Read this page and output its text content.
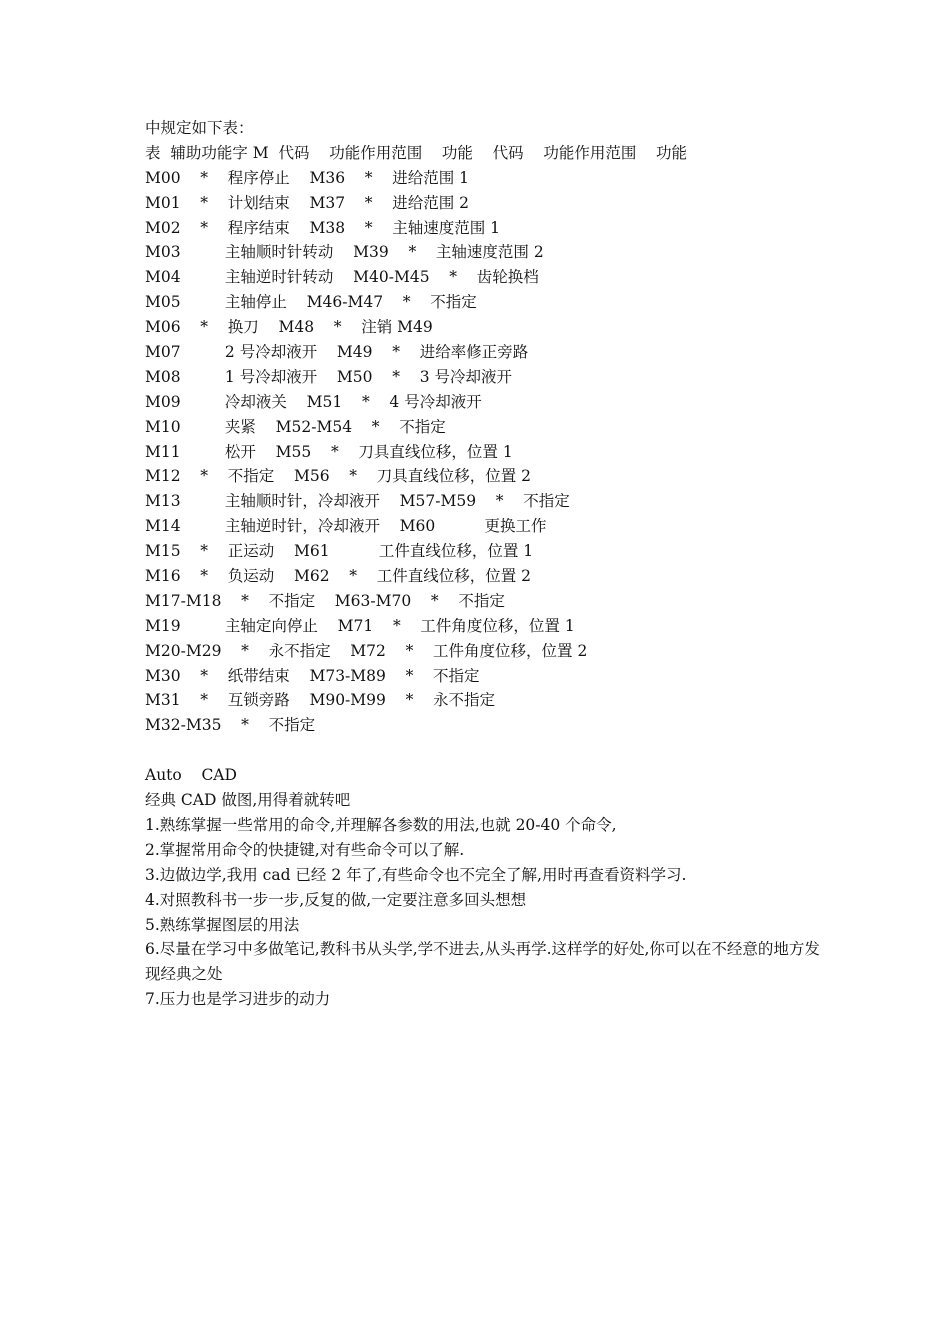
中规定如下表：
表  辅助功能字 M  代码    功能作用范围    功能    代码    功能作用范围    功能
M00    *    程序停止    M36    *    进给范围 1
M01    *    计划结束    M37    *    进给范围 2
M02    *    程序结束    M38    *    主轴速度范围 1
M03         主轴顺时针转动    M39    *    主轴速度范围 2
M04         主轴逆时针转动    M40-M45    *    齿轮换档
M05         主轴停止    M46-M47    *    不指定
M06    *    换刀    M48    *    注销 M49
M07         2 号冷却液开    M49    *    进给率修正旁路
M08         1 号冷却液开    M50    *    3 号冷却液开
M09         冷却液关    M51    *    4 号冷却液开
M10         夹紧    M52-M54    *    不指定
M11         松开    M55    *    刀具直线位移，位置 1
M12    *    不指定    M56    *    刀具直线位移，位置 2
M13         主轴顺时针，冷却液开    M57-M59    *    不指定
M14         主轴逆时针，冷却液开    M60          更换工作
M15    *    正运动    M61          工件直线位移，位置 1
M16    *    负运动    M62    *    工件直线位移，位置 2
M17-M18    *    不指定    M63-M70    *    不指定
M19         主轴定向停止    M71    *    工件角度位移，位置 1
M20-M29    *    永不指定    M72    *    工件角度位移，位置 2
M30    *    纸带结束    M73-M89    *    不指定
M31    *    互锁旁路    M90-M99    *    永不指定
M32-M35    *    不指定
Auto    CAD
经典 CAD 做图,用得着就转吧
1.熟练掌握一些常用的命令,并理解各参数的用法,也就 20-40 个命令,
2.掌握常用命令的快捷键,对有些命令可以了解.
3.边做边学,我用 cad 已经 2 年了,有些命令也不完全了解,用时再查看资料学习.
4.对照教科书一步一步,反复的做,一定要注意多回头想想
5.熟练掌握图层的用法
6.尽量在学习中多做笔记,教科书从头学,学不进去,从头再学.这样学的好处,你可以在不经意的地方发现经典之处
7.压力也是学习进步的动力
